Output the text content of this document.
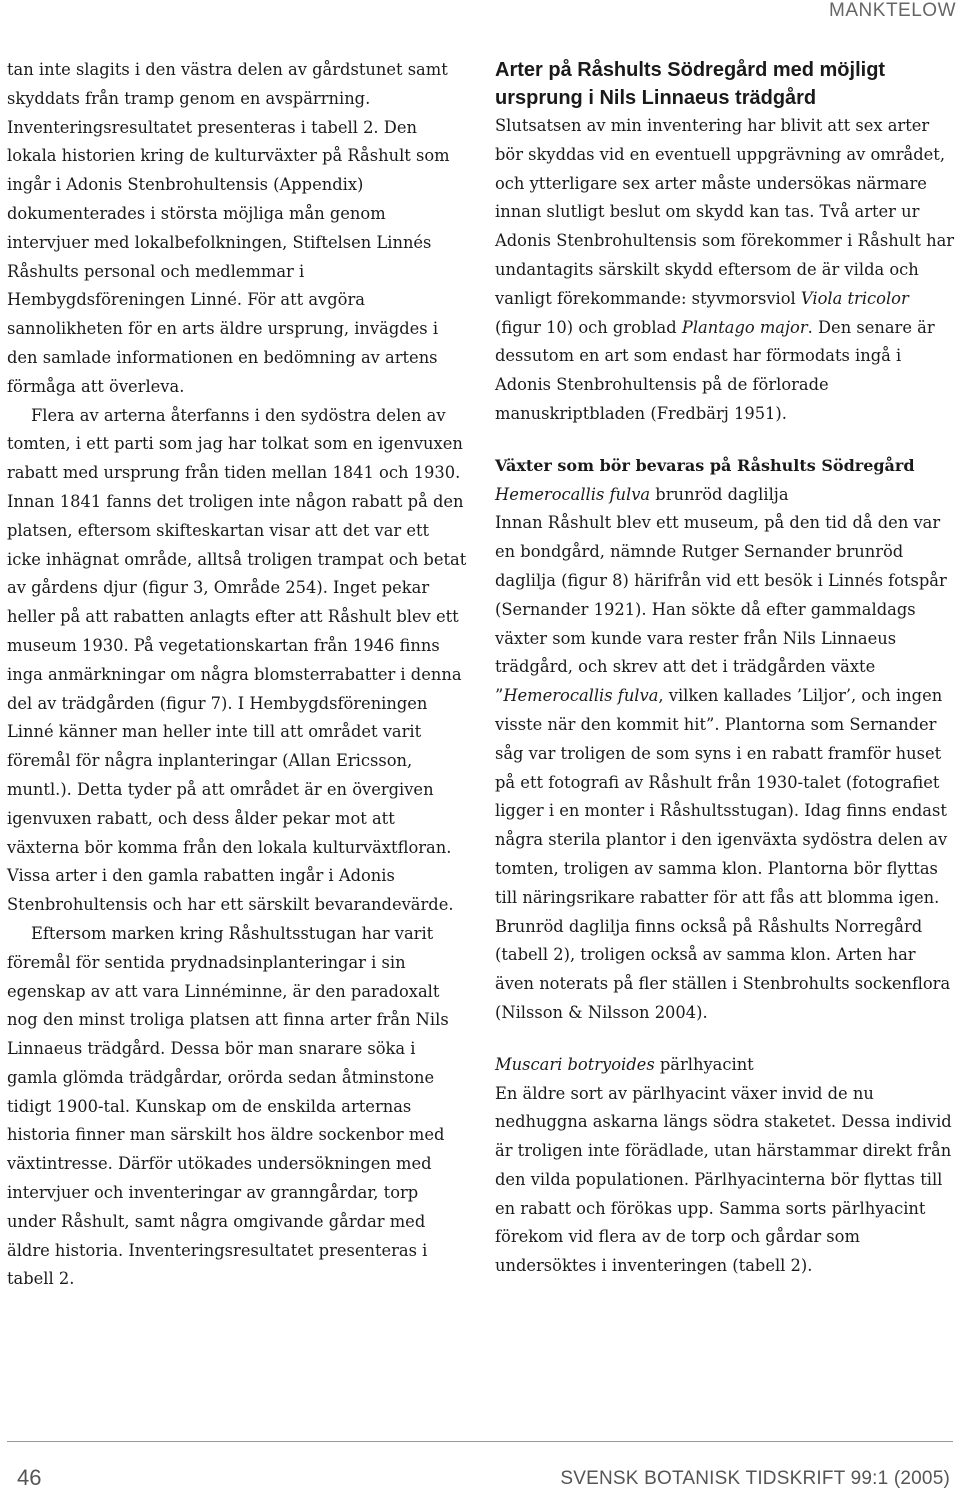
MANKTELOW

tan inte slagits i den västra delen av gårdstunet samt skyddats från tramp genom en avspärrning. Inventeringsresultatet presenteras i tabell 2. Den lokala historien kring de kulturväxter på Råshult som ingår i Adonis Stenbrohultensis (Appendix) dokumenterades i största möjliga mån genom intervjuer med lokalbefolkningen, Stiftelsen Linnés Råshults personal och medlemmar i Hembygdsföreningen Linné. För att avgöra sannolikheten för en arts äldre ursprung, invägdes i den samlade informationen en bedömning av artens förmåga att överleva.

Flera av arterna återfanns i den sydöstra delen av tomten, i ett parti som jag har tolkat som en igenvuxen rabatt med ursprung från tiden mellan 1841 och 1930. Innan 1841 fanns det troligen inte någon rabatt på den platsen, eftersom skifteskartan visar att det var ett icke inhägnat område, alltså troligen trampat och betat av gårdens djur (figur 3, Område 254). Inget pekar heller på att rabatten anlagts efter att Råshult blev ett museum 1930. På vegetationskartan från 1946 finns inga anmärkningar om några blomsterrabatter i denna del av trädgården (figur 7). I Hembygdsföreningen Linné känner man heller inte till att området varit föremål för några inplanteringar (Allan Ericsson, muntl.). Detta tyder på att området är en övergiven igenvuxen rabatt, och dess ålder pekar mot att växterna bör komma från den lokala kulturväxtfloran. Vissa arter i den gamla rabatten ingår i Adonis Stenbrohultensis och har ett särskilt bevarandevärde.

Eftersom marken kring Råshultsstugan har varit föremål för sentida prydnadsinplanteringar i sin egenskap av att vara Linnéminne, är den paradoxalt nog den minst troliga platsen att finna arter från Nils Linnaeus trädgård. Dessa bör man snarare söka i gamla glömda trädgårdar, orörda sedan åtminstone tidigt 1900-tal. Kunskap om de enskilda arternas historia finner man särskilt hos äldre sockenbor med växtintresse. Därför utökades undersökningen med intervjuer och inventeringar av granngårdar, torp under Råshult, samt några omgivande gårdar med äldre historia. Inventeringsresultatet presenteras i tabell 2.

Arter på Råshults Södregård med möjligt ursprung i Nils Linnaeus trädgård

Slutsatsen av min inventering har blivit att sex arter bör skyddas vid en eventuell uppgrävning av området, och ytterligare sex arter måste undersökas närmare innan slutligt beslut om skydd kan tas. Två arter ur Adonis Stenbrohultensis som förekommer i Råshult har undantagits särskilt skydd eftersom de är vilda och vanligt förekommande: styvmorsviol Viola tricolor (figur 10) och groblad Plantago major. Den senare är dessutom en art som endast har förmodats ingå i Adonis Stenbrohultensis på de förlorade manuskriptbladen (Fredbärj 1951).

Växter som bör bevaras på Råshults Södregård

Hemerocallis fulva brunröd daglilja

Innan Råshult blev ett museum, på den tid då den var en bondgård, nämnde Rutger Sernander brunröd daglilja (figur 8) härifrån vid ett besök i Linnés fotspår (Sernander 1921). Han sökte då efter gammaldags växter som kunde vara rester från Nils Linnaeus trädgård, och skrev att det i trädgården växte ”Hemerocallis fulva, vilken kallades ’Liljor’, och ingen visste när den kommit hit”. Plantorna som Sernander såg var troligen de som syns i en rabatt framför huset på ett fotografi av Råshult från 1930-talet (fotografiet ligger i en monter i Råshultsstugan). Idag finns endast några sterila plantor i den igenväxta sydöstra delen av tomten, troligen av samma klon. Plantorna bör flyttas till näringsrikare rabatter för att fås att blomma igen. Brunröd daglilja finns också på Råshults Norregård (tabell 2), troligen också av samma klon. Arten har även noterats på fler ställen i Stenbrohults sockenflora (Nilsson & Nilsson 2004).

Muscari botryoides pärlhyacint

En äldre sort av pärlhyacint växer invid de nu nedhuggna askarna längs södra staketet. Dessa individ är troligen inte förädlade, utan härstammar direkt från den vilda populationen. Pärlhyacinterna bör flyttas till en rabatt och förökas upp. Samma sorts pärlhyacint förekom vid flera av de torp och gårdar som undersöktes i inventeringen (tabell 2).

46	SVENSK BOTANISK TIDSKRIFT 99:1 (2005)
